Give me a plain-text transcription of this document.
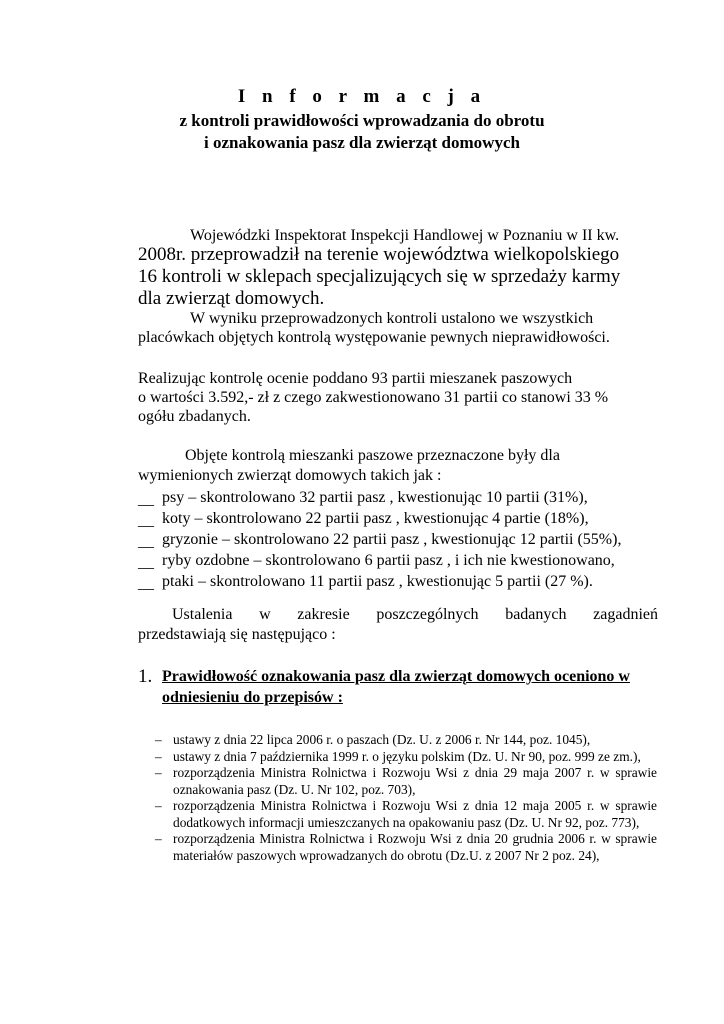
I n f o r m a c j a
z kontroli prawidłowości wprowadzania do obrotu
i oznakowania pasz dla zwierząt domowych
Wojewódzki Inspektorat Inspekcji Handlowej w Poznaniu w II kw.
2008r. przeprowadził na terenie województwa wielkopolskiego
16 kontroli w sklepach specjalizujących się w sprzedaży karmy
dla zwierząt domowych.
W wyniku przeprowadzonych kontroli ustalono we wszystkich
placówkach objętych kontrolą występowanie pewnych nieprawidłowości.
Realizując kontrolę ocenie poddano 93 partii mieszanek paszowych
o wartości 3.592,- zł z czego zakwestionowano 31 partii co stanowi 33 %
ogółu zbadanych.
Objęte kontrolą mieszanki paszowe przeznaczone były dla
wymienionych zwierząt domowych takich jak :
__ psy – skontrolowano 32 partii pasz , kwestionując 10 partii (31%),
__ koty – skontrolowano 22 partii pasz , kwestionując 4 partie (18%),
__ gryzonie – skontrolowano 22 partii pasz , kwestionując 12 partii (55%),
__ ryby ozdobne – skontrolowano 6 partii pasz , i ich nie kwestionowano,
__ ptaki – skontrolowano 11 partii pasz , kwestionując 5 partii (27 %).
Ustalenia w zakresie poszczególnych badanych zagadnień
przedstawiają się następująco :
1. Prawidłowość oznakowania pasz dla zwierząt domowych oceniono w odniesieniu do przepisów :
– ustawy z dnia 22 lipca 2006 r. o paszach (Dz. U. z 2006 r. Nr 144, poz. 1045),
– ustawy z dnia 7 października 1999 r. o języku polskim (Dz. U. Nr 90, poz. 999 ze zm.),
– rozporządzenia Ministra Rolnictwa i Rozwoju Wsi z dnia 29 maja 2007 r. w sprawie oznakowania pasz (Dz. U. Nr 102, poz. 703),
– rozporządzenia Ministra Rolnictwa i Rozwoju Wsi z dnia 12 maja 2005 r. w sprawie dodatkowych informacji umieszczanych na opakowaniu pasz (Dz. U. Nr 92, poz. 773),
– rozporządzenia Ministra Rolnictwa i Rozwoju Wsi z dnia 20 grudnia 2006 r. w sprawie materiałów paszowych wprowadzanych do obrotu (Dz.U. z 2007 Nr 2 poz. 24),
